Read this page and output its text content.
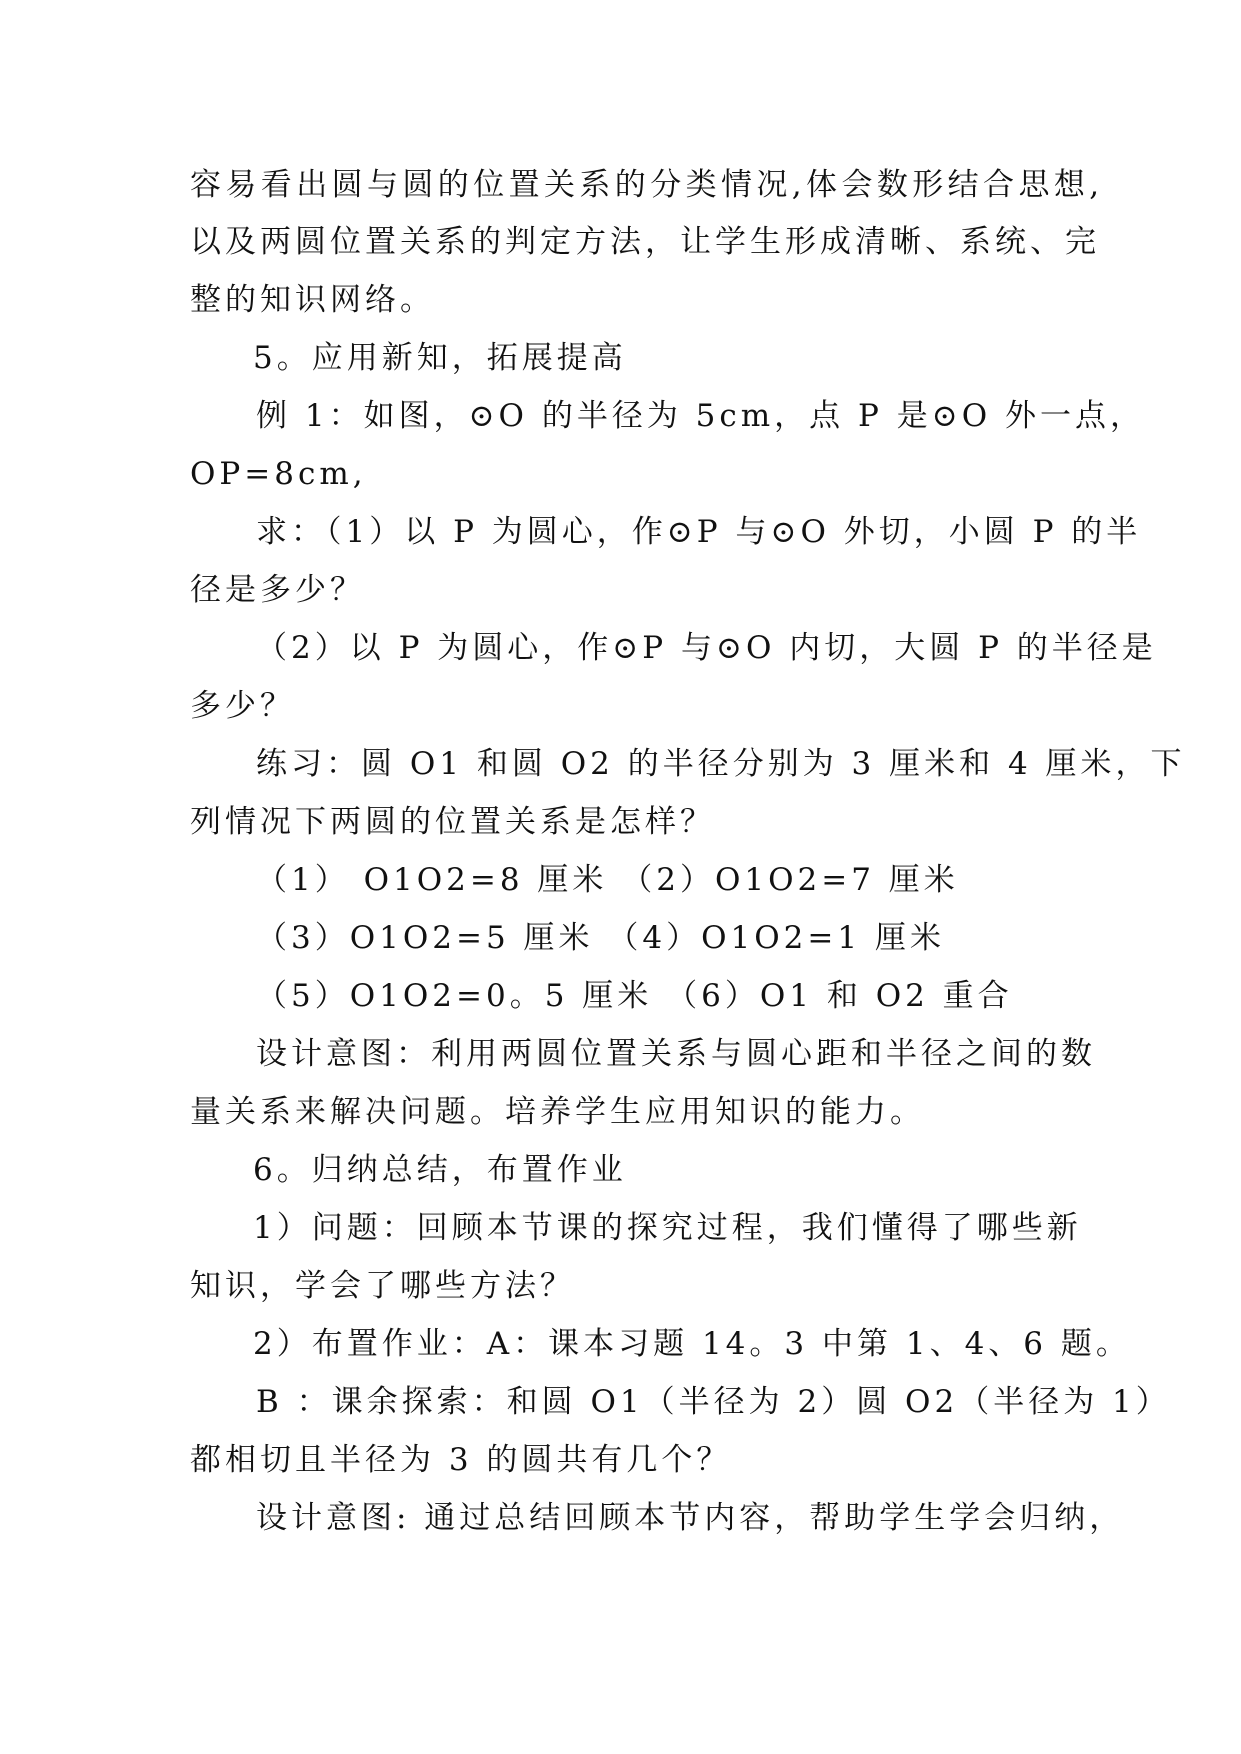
容易看出圆与圆的位置关系的分类情况,体会数形结合思想,

以及两圆位置关系的判定方法，让学生形成清晰、系统、完

整的知识网络。

5。应用新知，拓展提高

例 1：如图，⊙O 的半径为 5cm，点 P 是⊙O 外一点，

OP=8cm,

求：（1）以 P 为圆心，作⊙P 与⊙O 外切，小圆 P 的半

径是多少？

（2）以 P 为圆心，作⊙P 与⊙O 内切，大圆 P 的半径是

多少？

练习：圆 O1 和圆 O2 的半径分别为 3 厘米和 4 厘米，下

列情况下两圆的位置关系是怎样？

（1） O1O2=8 厘米 （2）O1O2=7 厘米

（3）O1O2=5 厘米 （4）O1O2=1 厘米

（5）O1O2=0。5 厘米 （6）O1 和 O2 重合

设计意图：利用两圆位置关系与圆心距和半径之间的数

量关系来解决问题。培养学生应用知识的能力。

6。归纳总结，布置作业

1）问题：回顾本节课的探究过程，我们懂得了哪些新

知识，学会了哪些方法？

2）布置作业：A：课本习题 14。3 中第 1、4、6 题。

B ：课余探索：和圆 O1（半径为 2）圆 O2（半径为 1）

都相切且半径为 3 的圆共有几个？

设计意图: 通过总结回顾本节内容，帮助学生学会归纳，
